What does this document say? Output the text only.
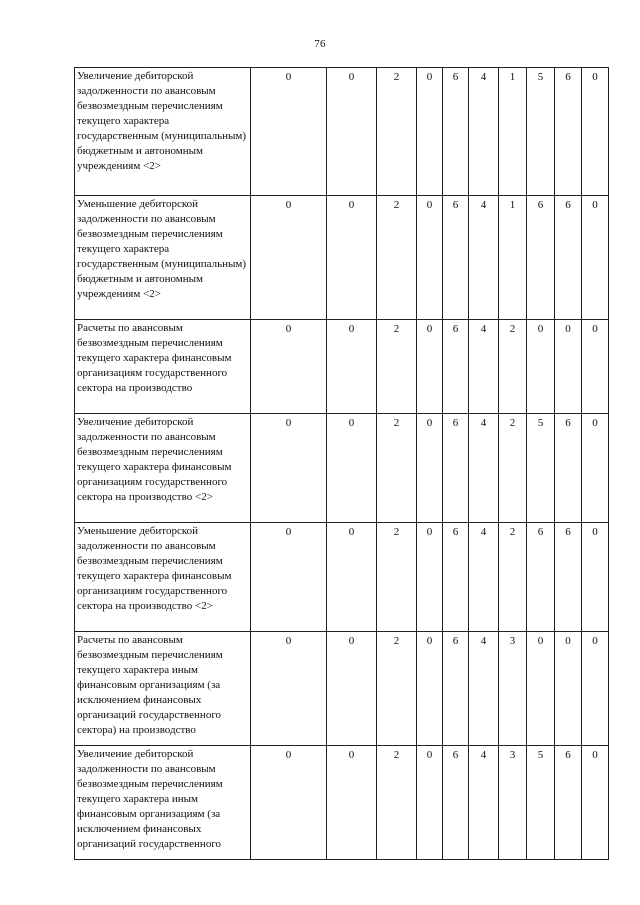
76
Увеличение дебиторской задолженности по авансовым безвозмездным перечислениям текущего характера государственным (муниципальным) бюджетным и автономным учреждениям <2>	0	0	2	0	6	4	1	5	6	0
Уменьшение дебиторской задолженности по авансовым безвозмездным перечислениям текущего характера государственным (муниципальным) бюджетным и автономным учреждениям <2>	0	0	2	0	6	4	1	6	6	0
Расчеты по авансовым безвозмездным перечислениям текущего характера финансовым организациям государственного сектора на производство	0	0	2	0	6	4	2	0	0	0
Увеличение дебиторской задолженности по авансовым безвозмездным перечислениям текущего характера финансовым организациям государственного сектора на производство <2>	0	0	2	0	6	4	2	5	6	0
Уменьшение дебиторской задолженности по авансовым безвозмездным перечислениям текущего характера финансовым организациям государственного сектора на производство <2>	0	0	2	0	6	4	2	6	6	0
Расчеты по авансовым безвозмездным перечислениям текущего характера иным финансовым организациям (за исключением финансовых организаций государственного сектора) на производство	0	0	2	0	6	4	3	0	0	0
Увеличение дебиторской задолженности по авансовым безвозмездным перечислениям текущего характера иным финансовым организациям (за исключением финансовых организаций государственного	0	0	2	0	6	4	3	5	6	0
